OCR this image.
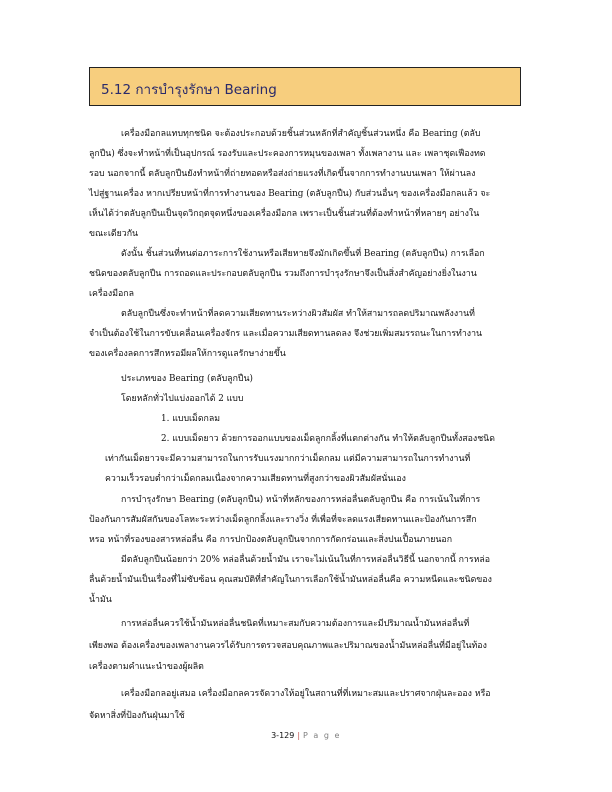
5.12 การบำรุงรักษา Bearing
เครื่องมือกลแทบทุกชนิด จะต้องประกอบด้วยชิ้นส่วนหลักที่สำคัญชิ้นส่วนหนึ่ง คือ Bearing (ตลับ
ลูกปืน) ซึ่งจะทำหน้าที่เป็นอุปกรณ์ รองรับและประคองการหมุนของเพลา ทั้งเพลางาน และ เพลาชุดเฟืองทด
รอบ นอกจากนี้ ตลับลูกปืนยังทำหน้าที่ถ่ายทอดหรือส่งถ่ายแรงที่เกิดขึ้นจากการทำงานบนเพลา ให้ผ่านลง
ไปสู่ฐานเครื่อง หากเปรียบหน้าที่การทำงานของ Bearing (ตลับลูกปืน) กับส่วนอื่นๆ ของเครื่องมือกลแล้ว จะ
เห็นได้ว่าตลับลูกปืนเป็นจุดวิกฤตจุดหนึ่งของเครื่องมือกล เพราะเป็นชิ้นส่วนที่ต้องทำหน้าที่หลายๆ อย่างใน
ขณะเดียวกัน
ดังนั้น ชิ้นส่วนที่ทนต่อภาระการใช้งานหรือเสียหายจึงมักเกิดขึ้นที่ Bearing (ตลับลูกปืน) การเลือก
ชนิดของตลับลูกปืน การถอดและประกอบตลับลูกปืน รวมถึงการบำรุงรักษาจึงเป็นสิ่งสำคัญอย่างยิ่งในงาน
เครื่องมือกล
ตลับลูกปืนซึ่งจะทำหน้าที่ลดความเสียดทานระหว่างผิวสัมผัส ทำให้สามารถลดปริมาณพลังงานที่
จำเป็นต้องใช้ในการขับเคลื่อนเครื่องจักร และเมื่อความเสียดทานลดลง จึงช่วยเพิ่มสมรรถนะในการทำงาน
ของเครื่องลดการสึกหรอมีผลให้การดูแลรักษาง่ายขึ้น
ประเภทของ Bearing (ตลับลูกปืน)
โดยหลักทั่วไปแบ่งออกได้ 2 แบบ
1. แบบเม็ดกลม
2. แบบเม็ดยาว ด้วยการออกแบบของเม็ดลูกกลิ้งที่แตกต่างกัน ทำให้ตลับลูกปืนทั้งสองชนิด
เท่ากันเม็ดยาวจะมีความสามารถในการรับแรงมากกว่าเม็ดกลม แต่มีความสามารถในการทำงานที่
ความเร็วรอบต่ำกว่าเม็ดกลมเนื่องจากความเสียดทานที่สูงกว่าของผิวสัมผัสนั่นเอง
การบำรุงรักษา Bearing (ตลับลูกปืน) หน้าที่หลักของการหล่อลื่นตลับลูกปืน คือ การเน้นในที่การ
ป้องกันการสัมผัสกันของโลหะระหว่างเม็ดลูกกลิ้งและรางวิ่ง ที่เพื่อที่จะลดแรงเสียดทานและป้องกันการสึก
หรอ หน้าที่รองของสารหล่อลื่น คือ การปกป้องตลับลูกปืนจากการกัดกร่อนและสิ่งปนเปื้อนภายนอก
มีตลับลูกปืนน้อยกว่า 20% หล่อลื่นด้วยน้ำมัน เราจะไม่เน้นในที่การหล่อลื่นวิธีนี้ นอกจากนี้ การหล่อ
ลื่นด้วยน้ำมันเป็นเรื่องที่ไม่ซับซ้อน คุณสมบัติที่สำคัญในการเลือกใช้น้ำมันหล่อลื่นคือ ความหนืดและชนิดของ
น้ำมัน
การหล่อลื่นควรใช้น้ำมันหล่อลื่นชนิดที่เหมาะสมกับความต้องการและมีปริมาณน้ำมันหล่อลื่นที่
เพียงพอ ต้องเครื่องของเพลางานควรได้รับการตรวจสอบคุณภาพและปริมาณของน้ำมันหล่อลื่นที่มีอยู่ในท้อง
เครื่องตามคำแนะนำของผู้ผลิต
เครื่องมือกลอยู่เสมอ เครื่องมือกลควรจัดวางให้อยู่ในสถานที่ที่เหมาะสมและปราศจากฝุ่นละออง หรือ
จัดหาสิ่งที่ป้องกันฝุ่นมาใช้
3-129 | P a g e
